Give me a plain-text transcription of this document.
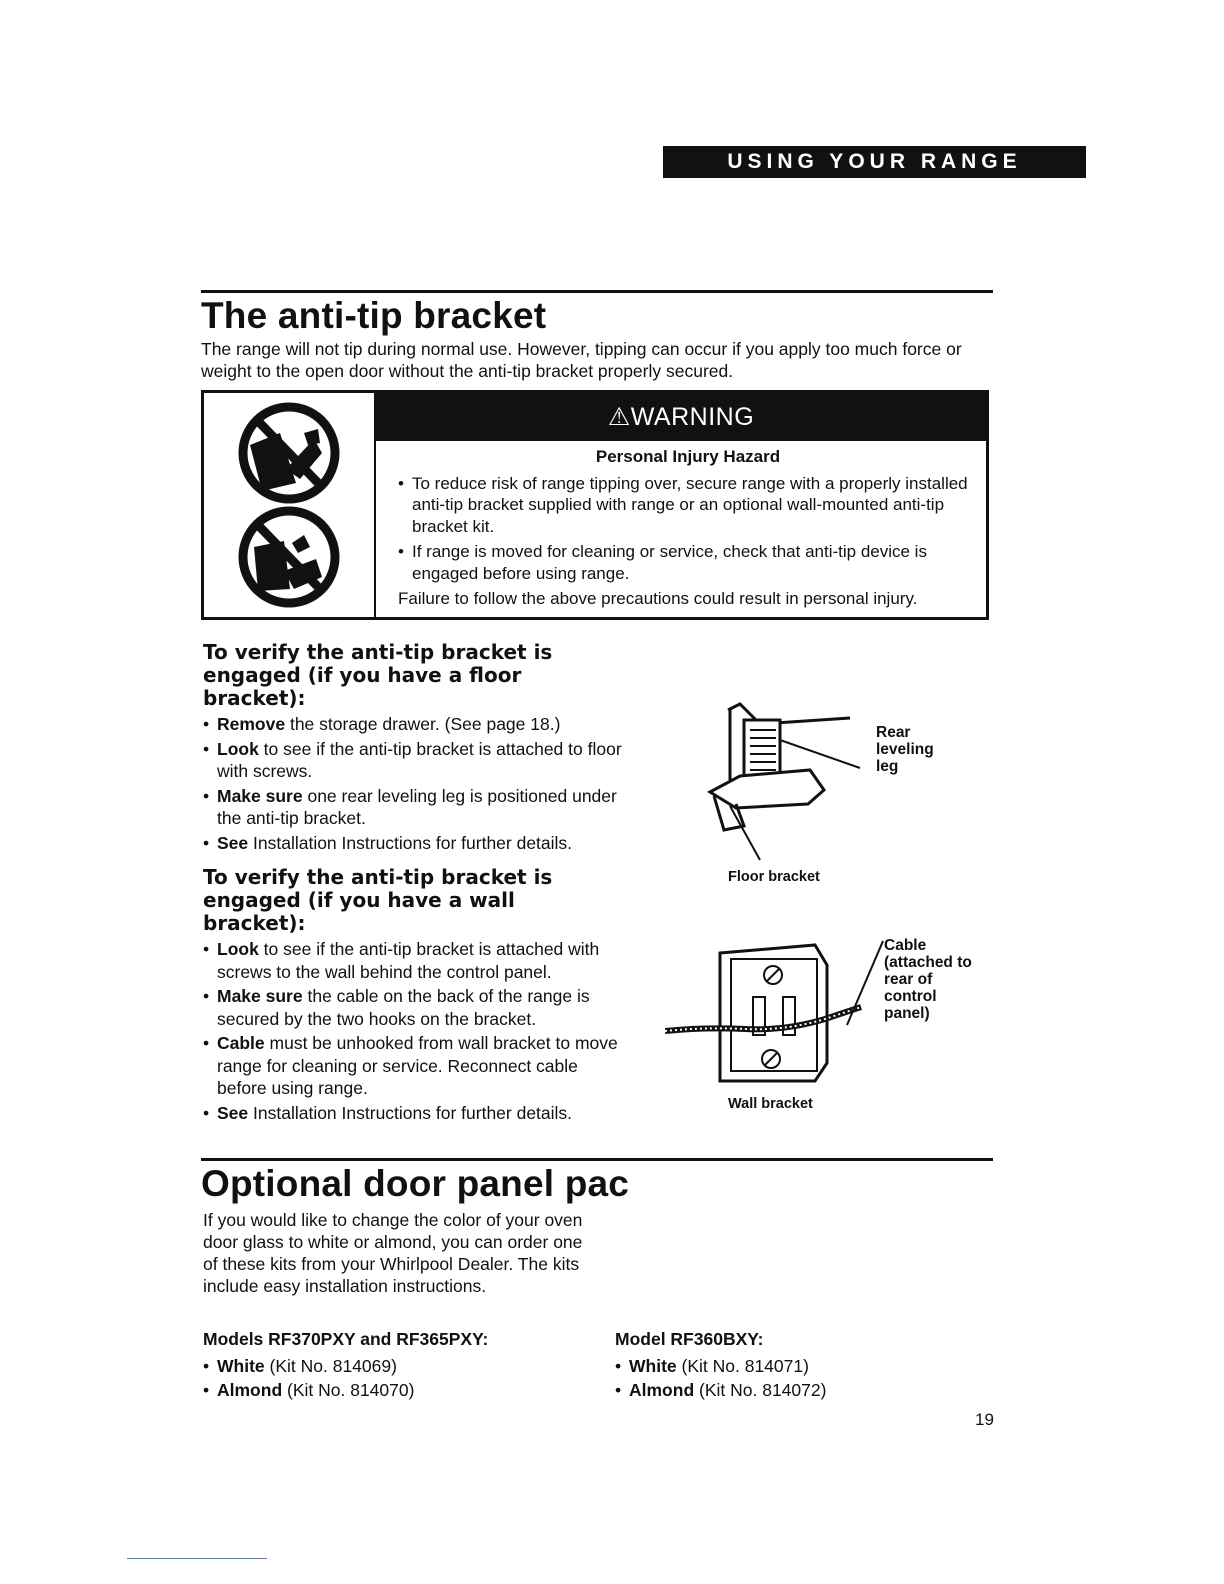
USING YOUR RANGE
The anti-tip bracket

The range will not tip during normal use. However, tipping can occur if you apply too much force or weight to the open door without the anti-tip bracket properly secured.

⚠WARNING
Personal Injury Hazard
• To reduce risk of range tipping over, secure range with a properly installed anti-tip bracket supplied with range or an optional wall-mounted anti-tip bracket kit.
• If range is moved for cleaning or service, check that anti-tip device is engaged before using range.

Failure to follow the above precautions could result in personal injury.

To verify the anti-tip bracket is engaged (if you have a floor bracket):
• Remove the storage drawer. (See page 18.)
• Look to see if the anti-tip bracket is attached to floor with screws.
• Make sure one rear leveling leg is positioned under the anti-tip bracket.
• See Installation Instructions for further details.
Rear leveling leg
Floor bracket
To verify the anti-tip bracket is engaged (if you have a wall bracket):
• Look to see if the anti-tip bracket is attached with screws to the wall behind the control panel.
• Make sure the cable on the back of the range is secured by the two hooks on the bracket.
• Cable must be unhooked from wall bracket to move range for cleaning or service. Reconnect cable before using range.
• See Installation Instructions for further details.
Cable (attached to rear of control panel)
Wall bracket
Optional door panel pac

If you would like to change the color of your oven door glass to white or almond, you can order one of these kits from your Whirlpool Dealer. The kits include easy installation instructions.

Models RF370PXY and RF365PXY:
• White (Kit No. 814069)
• Almond (Kit No. 814070)
Model RF360BXY:
• White (Kit No. 814071)
• Almond (Kit No. 814072)
19
